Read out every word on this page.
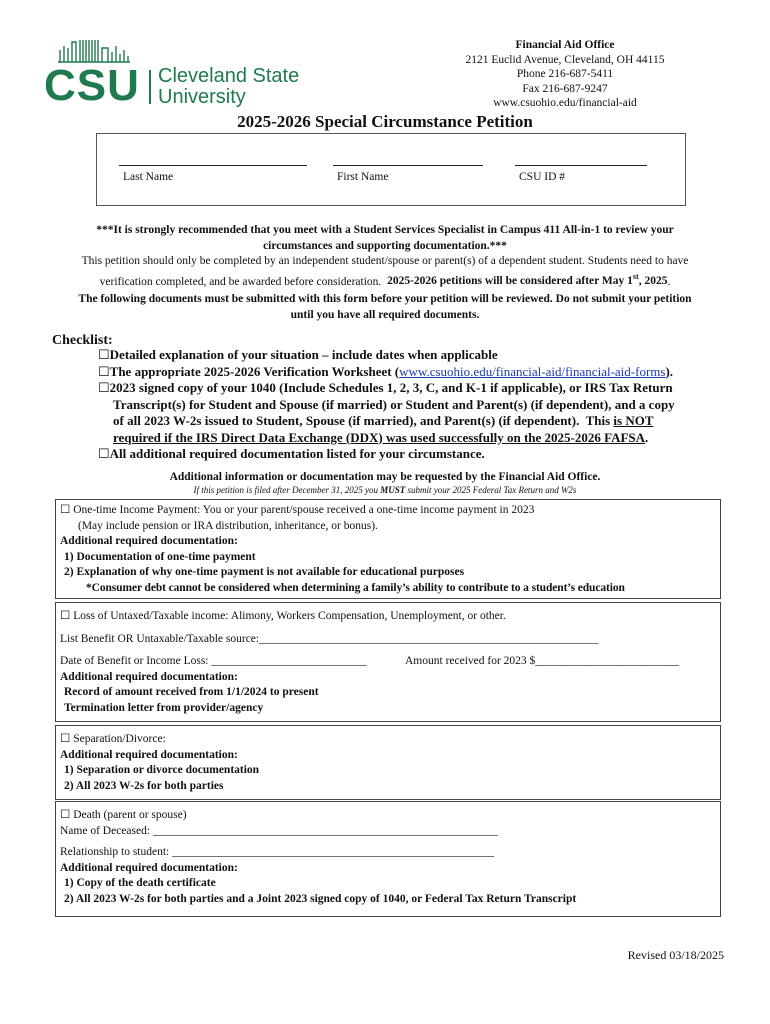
CSU Cleveland State
University
Financial Aid Office
2121 Euclid Avenue, Cleveland, OH 44115
Phone 216-687-5411
Fax 216-687-9247
www.csuohio.edu/financial-aid
2025-2026 Special Circumstance Petition
Last Name	First Name	CSU ID #
***It is strongly recommended that you meet with a Student Services Specialist in Campus 411 All-in-1 to review your
circumstances and supporting documentation.***
This petition should only be completed by an independent student/spouse or parent(s) of a dependent student. Students need to have
verification completed, and be awarded before consideration.  2025-2026 petitions will be considered after May 1st, 2025.
The following documents must be submitted with this form before your petition will be reviewed. Do not submit your petition
until you have all required documents.
Checklist:
☐Detailed explanation of your situation – include dates when applicable
☐The appropriate 2025-2026 Verification Worksheet (www.csuohio.edu/financial-aid/financial-aid-forms).
☐2023 signed copy of your 1040 (Include Schedules 1, 2, 3, C, and K-1 if applicable), or IRS Tax Return
Transcript(s) for Student and Spouse (if married) or Student and Parent(s) (if dependent), and a copy
of all 2023 W-2s issued to Student, Spouse (if married), and Parent(s) (if dependent).  This is NOT
required if the IRS Direct Data Exchange (DDX) was used successfully on the 2025-2026 FAFSA.
☐All additional required documentation listed for your circumstance.
Additional information or documentation may be requested by the Financial Aid Office.
If this petition is filed after December 31, 2025 you MUST submit your 2025 Federal Tax Return and W2s
☐ One-time Income Payment: You or your parent/spouse received a one-time income payment in 2023
(May include pension or IRA distribution, inheritance, or bonus).
Additional required documentation:
1) Documentation of one-time payment
2) Explanation of why one-time payment is not available for educational purposes
*Consumer debt cannot be considered when determining a family’s ability to contribute to a student’s education
☐ Loss of Untaxed/Taxable income: Alimony, Workers Compensation, Unemployment, or other.
List Benefit OR Untaxable/Taxable source:___________________________________________________________
Date of Benefit or Income Loss: ___________________________	Amount received for 2023 $_________________________
Additional required documentation:
Record of amount received from 1/1/2024 to present
Termination letter from provider/agency
☐ Separation/Divorce:
Additional required documentation:
1) Separation or divorce documentation
2) All 2023 W-2s for both parties
☐ Death (parent or spouse)
Name of Deceased: ____________________________________________________________
Relationship to student: ________________________________________________________
Additional required documentation:
1) Copy of the death certificate
2) All 2023 W-2s for both parties and a Joint 2023 signed copy of 1040, or Federal Tax Return Transcript
Revised 03/18/2025
